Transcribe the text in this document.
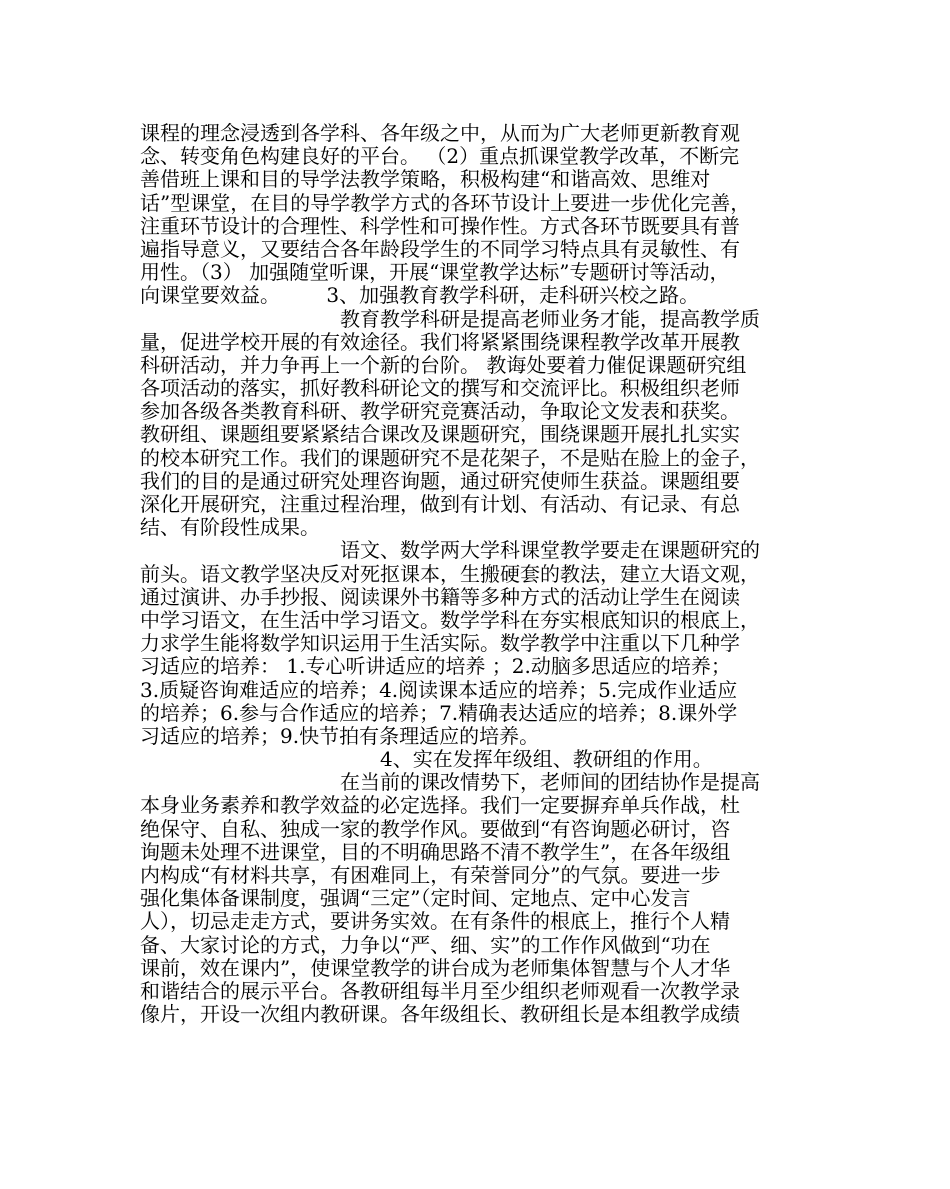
课程的理念浸透到各学科、各年级之中，从而为广大老师更新教育观
念、转变角色构建良好的平台。 （2）重点抓课堂教学改革，不断完
善借班上课和目的导学法教学策略，积极构建“和谐高效、思维对
话”型课堂，在目的导学教学方式的各环节设计上要进一步优化完善，
注重环节设计的合理性、科学性和可操作性。方式各环节既要具有普
遍指导意义，又要结合各年龄段学生的不同学习特点具有灵敏性、有
用性。（3） 加强随堂听课，开展“课堂教学达标”专题研讨等活动，
向课堂要效益。 　　3、加强教育教学科研，走科研兴校之路。
　　　　　　　　　　教育教学科研是提高老师业务才能，提高教学质
量，促进学校开展的有效途径。我们将紧紧围绕课程教学改革开展教
科研活动，并力争再上一个新的台阶。 教诲处要着力催促课题研究组
各项活动的落实，抓好教科研论文的撰写和交流评比。积极组织老师
参加各级各类教育科研、教学研究竞赛活动，争取论文发表和获奖。
教研组、课题组要紧紧结合课改及课题研究，围绕课题开展扎扎实实
的校本研究工作。我们的课题研究不是花架子，不是贴在脸上的金子，
我们的目的是通过研究处理咨询题，通过研究使师生获益。课题组要
深化开展研究，注重过程治理，做到有计划、有活动、有记录、有总
结、有阶段性成果。
　　　　　　　　　　语文、数学两大学科课堂教学要走在课题研究的
前头。语文教学坚决反对死抠课本，生搬硬套的教法，建立大语文观，
通过演讲、办手抄报、阅读课外书籍等多种方式的活动让学生在阅读
中学习语文，在生活中学习语文。数学学科在夯实根底知识的根底上，
力求学生能将数学知识运用于生活实际。数学教学中注重以下几种学
习适应的培养： 1.专心听讲适应的培养 ；2.动脑多思适应的培养；
3.质疑咨询难适应的培养；4.阅读课本适应的培养；5.完成作业适应
的培养；6.参与合作适应的培养；7.精确表达适应的培养；8.课外学
习适应的培养；9.快节拍有条理适应的培养。
　　　　　　　　　　　　4、实在发挥年级组、教研组的作用。
　　　　　　　　　　在当前的课改情势下，老师间的团结协作是提高
本身业务素养和教学效益的必定选择。我们一定要摒弃单兵作战，杜
绝保守、自私、独成一家的教学作风。要做到“有咨询题必研讨，咨
询题未处理不进课堂，目的不明确思路不清不教学生”，在各年级组
内构成“有材料共享，有困难同上，有荣誉同分”的气氛。要进一步
强化集体备课制度，强调“三定”（定时间、定地点、定中心发言
人），切忌走走方式，要讲务实效。在有条件的根底上，推行个人精
备、大家讨论的方式，力争以“严、细、实”的工作作风做到“功在
课前，效在课内”，使课堂教学的讲台成为老师集体智慧与个人才华
和谐结合的展示平台。各教研组每半月至少组织老师观看一次教学录
像片，开设一次组内教研课。各年级组长、教研组长是本组教学成绩
